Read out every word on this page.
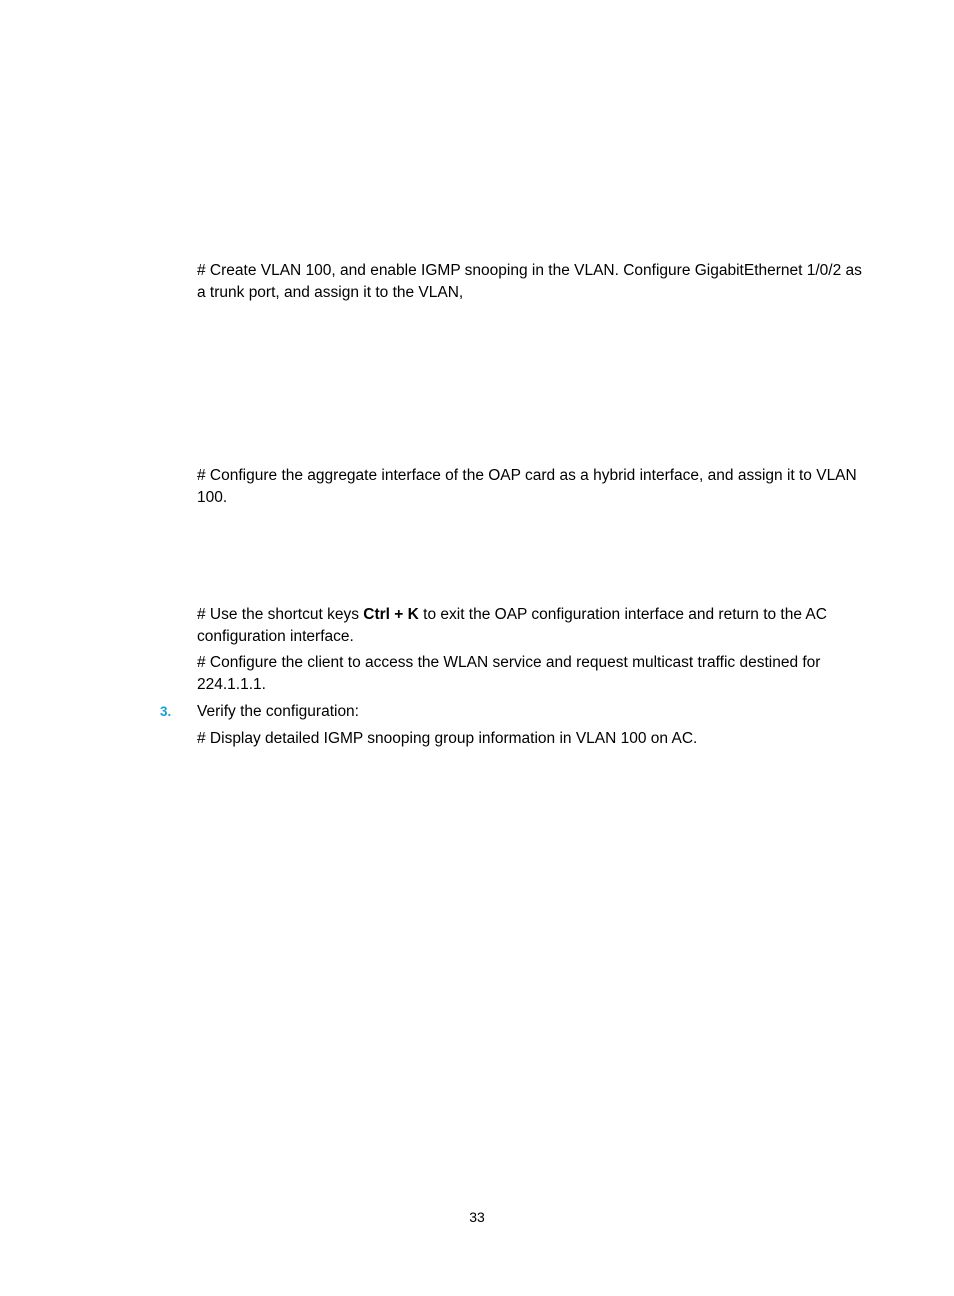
# Create VLAN 100, and enable IGMP snooping in the VLAN. Configure GigabitEthernet 1/0/2 as a trunk port, and assign it to the VLAN,

# Configure the aggregate interface of the OAP card as a hybrid interface, and assign it to VLAN 100.

# Use the shortcut keys Ctrl + K to exit the OAP configuration interface and return to the AC configuration interface.

# Configure the client to access the WLAN service and request multicast traffic destined for 224.1.1.1.

3. Verify the configuration:

# Display detailed IGMP snooping group information in VLAN 100 on AC.

33
